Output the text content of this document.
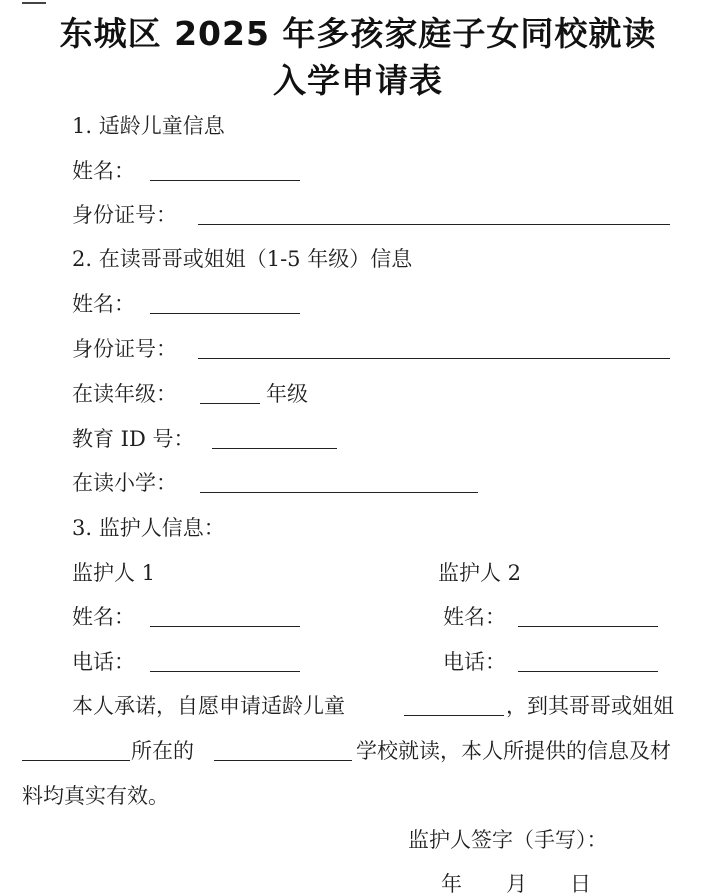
东城区 2025 年多孩家庭子女同校就读
入学申请表
1. 适龄儿童信息
姓名：
身份证号：
2. 在读哥哥或姐姐（1-5 年级）信息
姓名：
身份证号：
在读年级：	年级
教育 ID 号：
在读小学：
3. 监护人信息：
监护人 1	监护人 2
姓名：	姓名：
电话：	电话：
本人承诺，自愿申请适龄儿童	，到其哥哥或姐姐
所在的	学校就读，本人所提供的信息及材
料均真实有效。
监护人签字（手写）：
年 月 日
